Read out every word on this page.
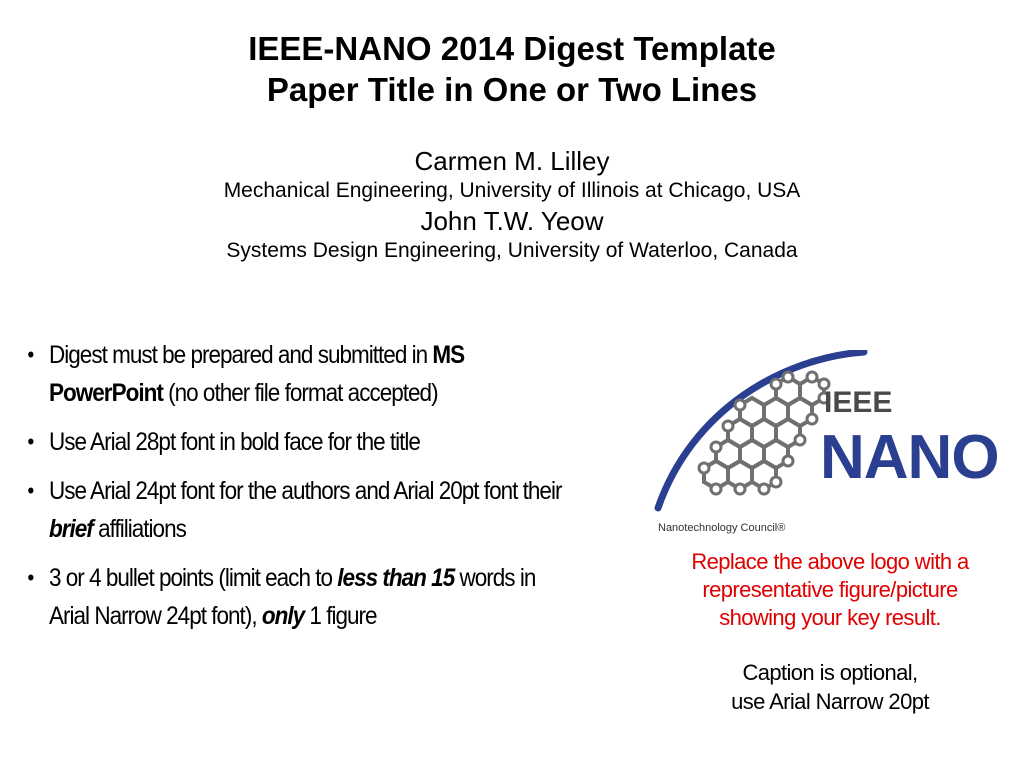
IEEE-NANO 2014 Digest Template
Paper Title in One or Two Lines
Carmen M. Lilley
Mechanical Engineering, University of Illinois at Chicago, USA
John T.W. Yeow
Systems Design Engineering, University of Waterloo, Canada
• Digest must be prepared and submitted in MS PowerPoint (no other file format accepted)
• Use Arial 28pt font in bold face for the title
• Use Arial 24pt font for the authors and Arial 20pt font their brief affiliations
• 3 or 4 bullet points (limit each to less than 15 words in Arial Narrow 24pt font), only 1 figure
IEEE
NANO
Nanotechnology Council®
Replace the above logo with a
representative figure/picture
showing your key result.
Caption is optional,
use Arial Narrow 20pt
